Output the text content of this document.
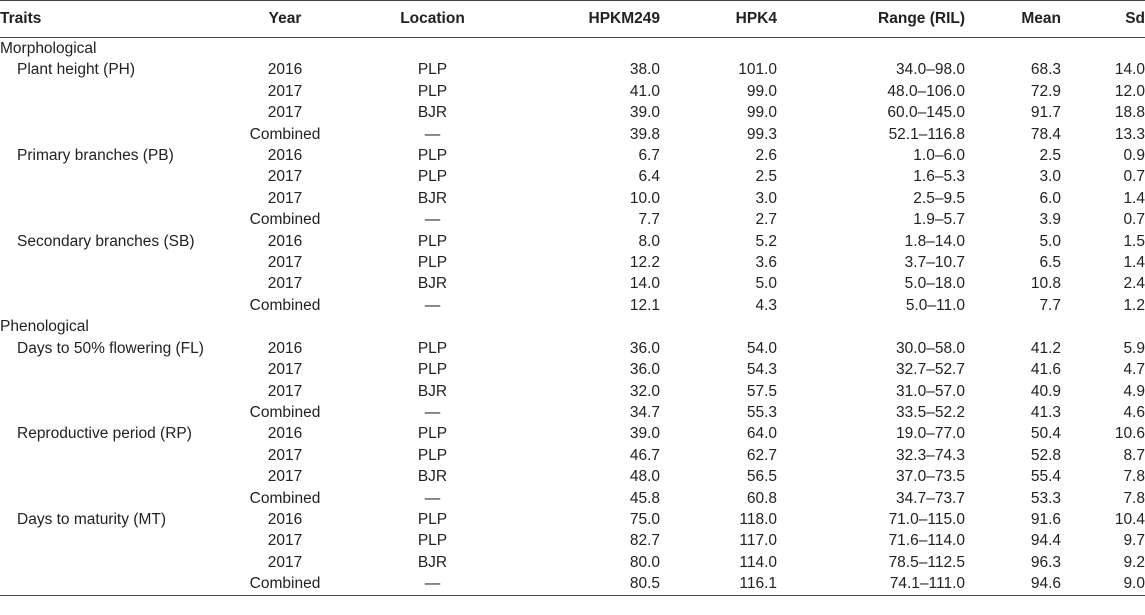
Traits	Year	Location	HPKM249	HPK4	Range (RIL)	Mean	Sd
Morphological							
Plant height (PH)	2016	PLP	38.0	101.0	34.0–98.0	68.3	14.0
	2017	PLP	41.0	99.0	48.0–106.0	72.9	12.0
	2017	BJR	39.0	99.0	60.0–145.0	91.7	18.8
	Combined	—	39.8	99.3	52.1–116.8	78.4	13.3
Primary branches (PB)	2016	PLP	6.7	2.6	1.0–6.0	2.5	0.9
	2017	PLP	6.4	2.5	1.6–5.3	3.0	0.7
	2017	BJR	10.0	3.0	2.5–9.5	6.0	1.4
	Combined	—	7.7	2.7	1.9–5.7	3.9	0.7
Secondary branches (SB)	2016	PLP	8.0	5.2	1.8–14.0	5.0	1.5
	2017	PLP	12.2	3.6	3.7–10.7	6.5	1.4
	2017	BJR	14.0	5.0	5.0–18.0	10.8	2.4
	Combined	—	12.1	4.3	5.0–11.0	7.7	1.2
Phenological							
Days to 50% flowering (FL)	2016	PLP	36.0	54.0	30.0–58.0	41.2	5.9
	2017	PLP	36.0	54.3	32.7–52.7	41.6	4.7
	2017	BJR	32.0	57.5	31.0–57.0	40.9	4.9
	Combined	—	34.7	55.3	33.5–52.2	41.3	4.6
Reproductive period (RP)	2016	PLP	39.0	64.0	19.0–77.0	50.4	10.6
	2017	PLP	46.7	62.7	32.3–74.3	52.8	8.7
	2017	BJR	48.0	56.5	37.0–73.5	55.4	7.8
	Combined	—	45.8	60.8	34.7–73.7	53.3	7.8
Days to maturity (MT)	2016	PLP	75.0	118.0	71.0–115.0	91.6	10.4
	2017	PLP	82.7	117.0	71.6–114.0	94.4	9.7
	2017	BJR	80.0	114.0	78.5–112.5	96.3	9.2
	Combined	—	80.5	116.1	74.1–111.0	94.6	9.0
